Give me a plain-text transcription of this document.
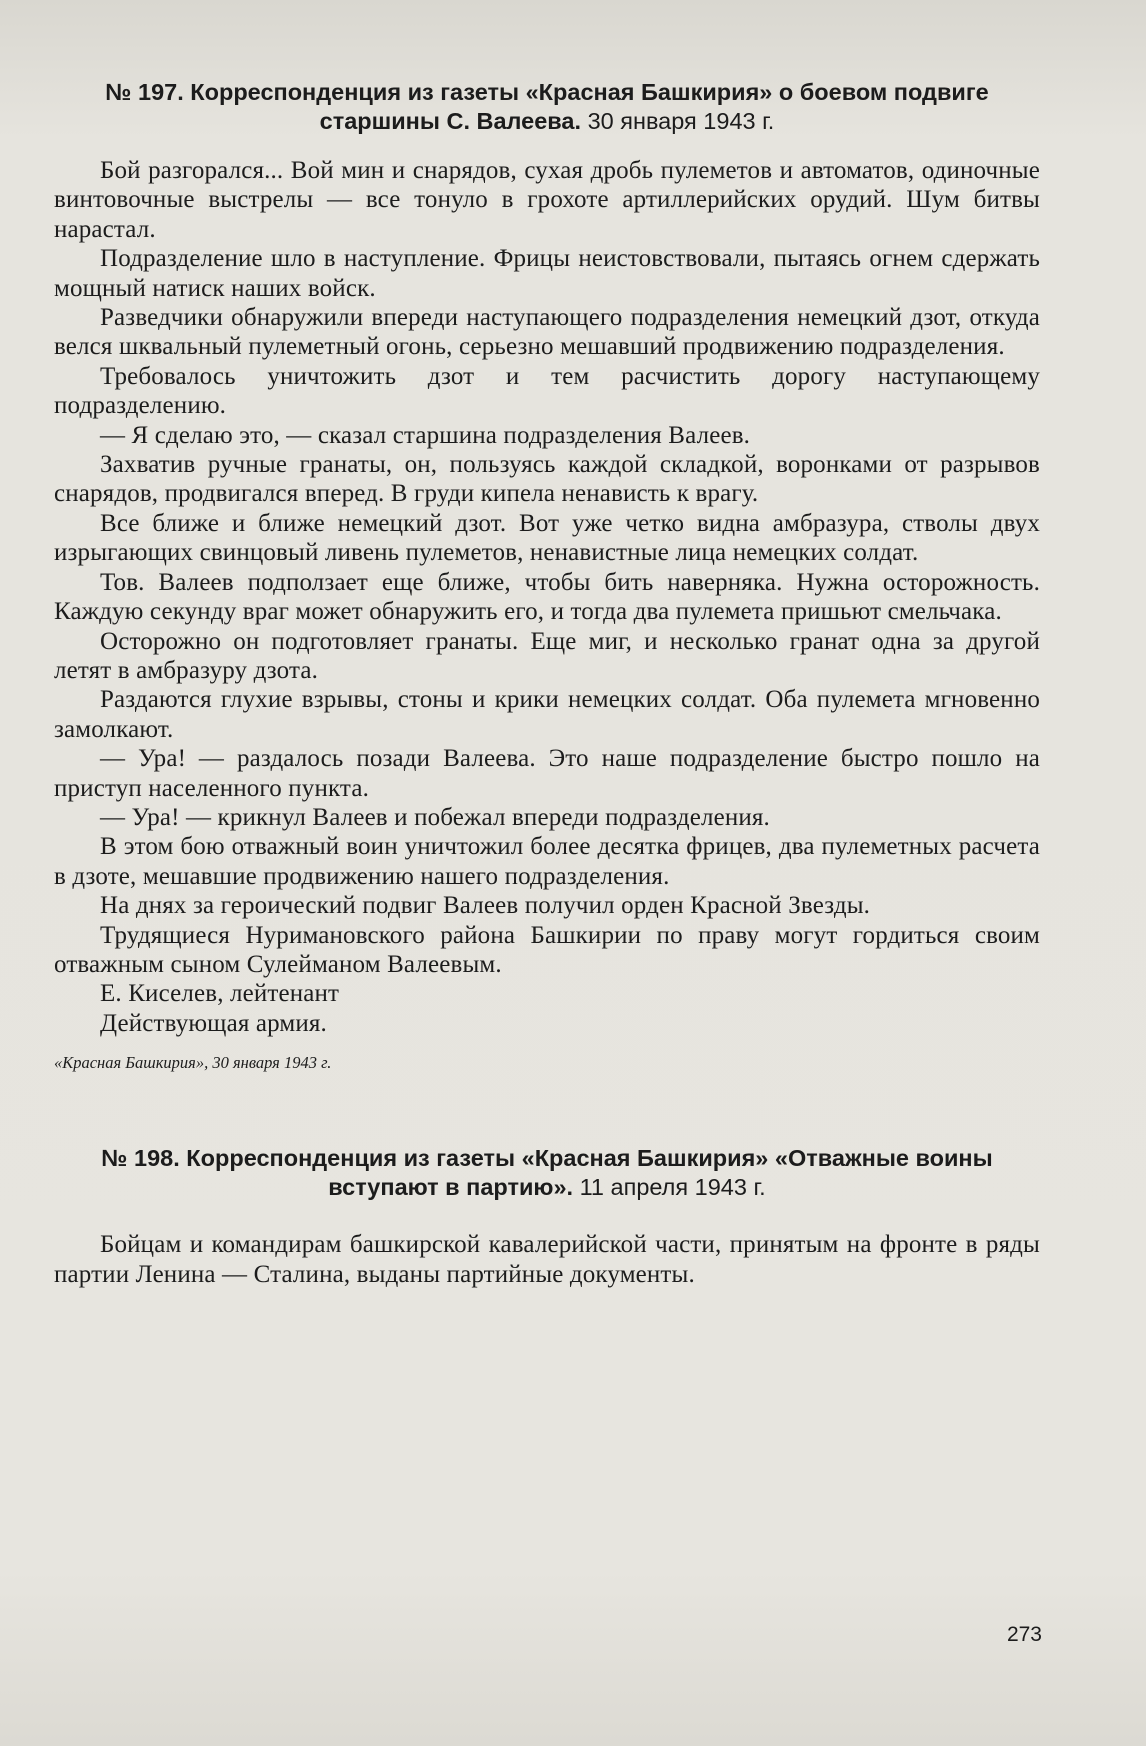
№ 197. Корреспонденция из газеты «Красная Башкирия» о боевом подвиге старшины С. Валеева. 30 января 1943 г.

Бой разгорался... Вой мин и снарядов, сухая дробь пулеметов и автоматов, одиночные винтовочные выстрелы — все тонуло в грохоте артиллерийских орудий. Шум битвы нарастал.

Подразделение шло в наступление. Фрицы неистовствовали, пытаясь огнем сдержать мощный натиск наших войск.

Разведчики обнаружили впереди наступающего подразделения немецкий дзот, откуда велся шквальный пулеметный огонь, серьезно мешавший продвижению подразделения.

Требовалось уничтожить дзот и тем расчистить дорогу наступающему подразделению.

— Я сделаю это, — сказал старшина подразделения Валеев.

Захватив ручные гранаты, он, пользуясь каждой складкой, воронками от разрывов снарядов, продвигался вперед. В груди кипела ненависть к врагу.

Все ближе и ближе немецкий дзот. Вот уже четко видна амбразура, стволы двух изрыгающих свинцовый ливень пулеметов, ненавистные лица немецких солдат.

Тов. Валеев подползает еще ближе, чтобы бить наверняка. Нужна осторожность. Каждую секунду враг может обнаружить его, и тогда два пулемета пришьют смельчака.

Осторожно он подготовляет гранаты. Еще миг, и несколько гранат одна за другой летят в амбразуру дзота.

Раздаются глухие взрывы, стоны и крики немецких солдат. Оба пулемета мгновенно замолкают.

— Ура! — раздалось позади Валеева. Это наше подразделение быстро пошло на приступ населенного пункта.

— Ура! — крикнул Валеев и побежал впереди подразделения.

В этом бою отважный воин уничтожил более десятка фрицев, два пулеметных расчета в дзоте, мешавшие продвижению нашего подразделения.

На днях за героический подвиг Валеев получил орден Красной Звезды.

Трудящиеся Нуримановского района Башкирии по праву могут гордиться своим отважным сыном Сулейманом Валеевым.

Е. Киселев, лейтенант

Действующая армия.

«Красная Башкирия», 30 января 1943 г.
№ 198. Корреспонденция из газеты «Красная Башкирия» «Отважные воины вступают в партию». 11 апреля 1943 г.

Бойцам и командирам башкирской кавалерийской части, принятым на фронте в ряды партии Ленина — Сталина, выданы партийные документы.

273
